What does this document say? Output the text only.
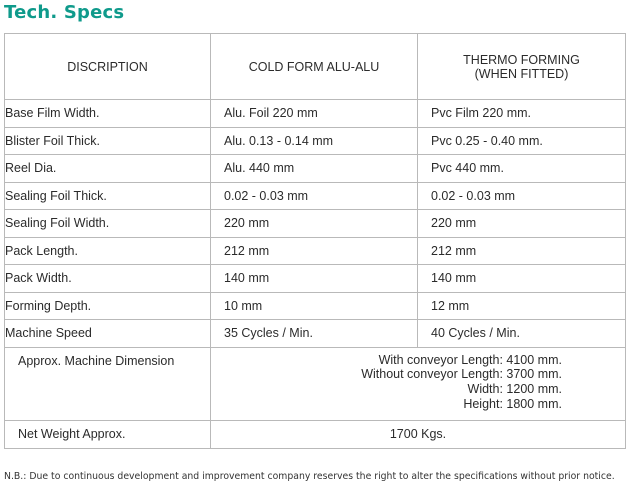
Tech. Specs
DISCRIPTION	COLD FORM ALU-ALU	THERMO FORMING
(WHEN FITTED)

Base Film Width.	Alu. Foil 220 mm	Pvc Film 220 mm.
Blister Foil Thick.	Alu. 0.13 - 0.14 mm	Pvc 0.25 - 0.40 mm.
Reel Dia.	Alu. 440 mm	Pvc 440 mm.
Sealing Foil Thick.	0.02 - 0.03 mm	0.02 - 0.03 mm
Sealing Foil Width.	220 mm	220 mm
Pack Length.	212 mm	212 mm
Pack Width.	140 mm	140 mm
Forming Depth.	10 mm	12 mm
Machine Speed	35 Cycles / Min.	40 Cycles / Min.
Approx. Machine Dimension	With conveyor Length: 4100 mm.
Without conveyor Length: 3700 mm.
Width: 1200 mm.
Height: 1800 mm.	

Net Weight Approx.	1700 Kgs.	
N.B.: Due to continuous development and improvement company reserves the right to alter the specifications without prior notice.
